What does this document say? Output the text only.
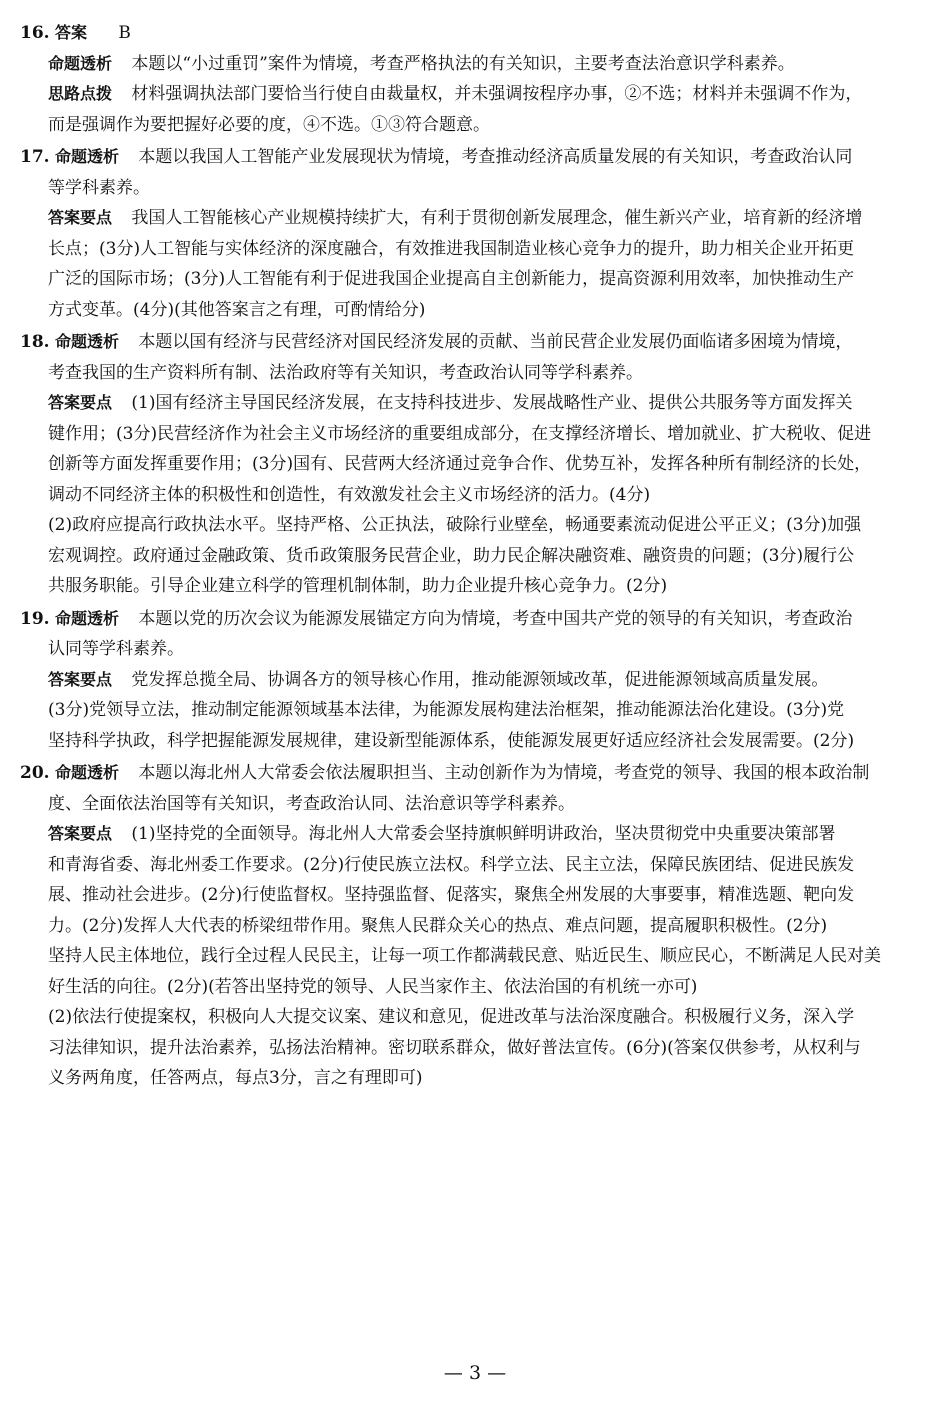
16. 答案 B
命题透析 本题以“小过重罚”案件为情境，考查严格执法的有关知识，主要考查法治意识学科素养。
思路点拨 材料强调执法部门要恰当行使自由裁量权，并未强调按程序办事，②不选；材料并未强调不作为，
而是强调作为要把握好必要的度，④不选。①③符合题意。
17. 命题透析 本题以我国人工智能产业发展现状为情境，考查推动经济高质量发展的有关知识，考查政治认同
等学科素养。
答案要点 我国人工智能核心产业规模持续扩大，有利于贯彻创新发展理念，催生新兴产业，培育新的经济增
长点；(3分)人工智能与实体经济的深度融合，有效推进我国制造业核心竞争力的提升，助力相关企业开拓更
广泛的国际市场；(3分)人工智能有利于促进我国企业提高自主创新能力，提高资源利用效率，加快推动生产
方式变革。(4分)(其他答案言之有理，可酌情给分)
18. 命题透析 本题以国有经济与民营经济对国民经济发展的贡献、当前民营企业发展仍面临诸多困境为情境，
考查我国的生产资料所有制、法治政府等有关知识，考查政治认同等学科素养。
答案要点 (1)国有经济主导国民经济发展，在支持科技进步、发展战略性产业、提供公共服务等方面发挥关
键作用；(3分)民营经济作为社会主义市场经济的重要组成部分，在支撑经济增长、增加就业、扩大税收、促进
创新等方面发挥重要作用；(3分)国有、民营两大经济通过竞争合作、优势互补，发挥各种所有制经济的长处，
调动不同经济主体的积极性和创造性，有效激发社会主义市场经济的活力。(4分)
(2)政府应提高行政执法水平。坚持严格、公正执法，破除行业壁垒，畅通要素流动促进公平正义；(3分)加强
宏观调控。政府通过金融政策、货币政策服务民营企业，助力民企解决融资难、融资贵的问题；(3分)履行公
共服务职能。引导企业建立科学的管理机制体制，助力企业提升核心竞争力。(2分)
19. 命题透析 本题以党的历次会议为能源发展锚定方向为情境，考查中国共产党的领导的有关知识，考查政治
认同等学科素养。
答案要点 党发挥总揽全局、协调各方的领导核心作用，推动能源领域改革，促进能源领域高质量发展。
(3分)党领导立法，推动制定能源领域基本法律，为能源发展构建法治框架，推动能源法治化建设。(3分)党
坚持科学执政，科学把握能源发展规律，建设新型能源体系，使能源发展更好适应经济社会发展需要。(2分)
20. 命题透析 本题以海北州人大常委会依法履职担当、主动创新作为为情境，考查党的领导、我国的根本政治制
度、全面依法治国等有关知识，考查政治认同、法治意识等学科素养。
答案要点 (1)坚持党的全面领导。海北州人大常委会坚持旗帜鲜明讲政治，坚决贯彻党中央重要决策部署
和青海省委、海北州委工作要求。(2分)行使民族立法权。科学立法、民主立法，保障民族团结、促进民族发
展、推动社会进步。(2分)行使监督权。坚持强监督、促落实，聚焦全州发展的大事要事，精准选题、靶向发
力。(2分)发挥人大代表的桥梁纽带作用。聚焦人民群众关心的热点、难点问题，提高履职积极性。(2分)
坚持人民主体地位，践行全过程人民民主，让每一项工作都满载民意、贴近民生、顺应民心，不断满足人民对美
好生活的向往。(2分)(若答出坚持党的领导、人民当家作主、依法治国的有机统一亦可)
(2)依法行使提案权，积极向人大提交议案、建议和意见，促进改革与法治深度融合。积极履行义务，深入学
习法律知识，提升法治素养，弘扬法治精神。密切联系群众，做好普法宣传。(6分)(答案仅供参考，从权利与
义务两角度，任答两点，每点3分，言之有理即可)
— 3 —
